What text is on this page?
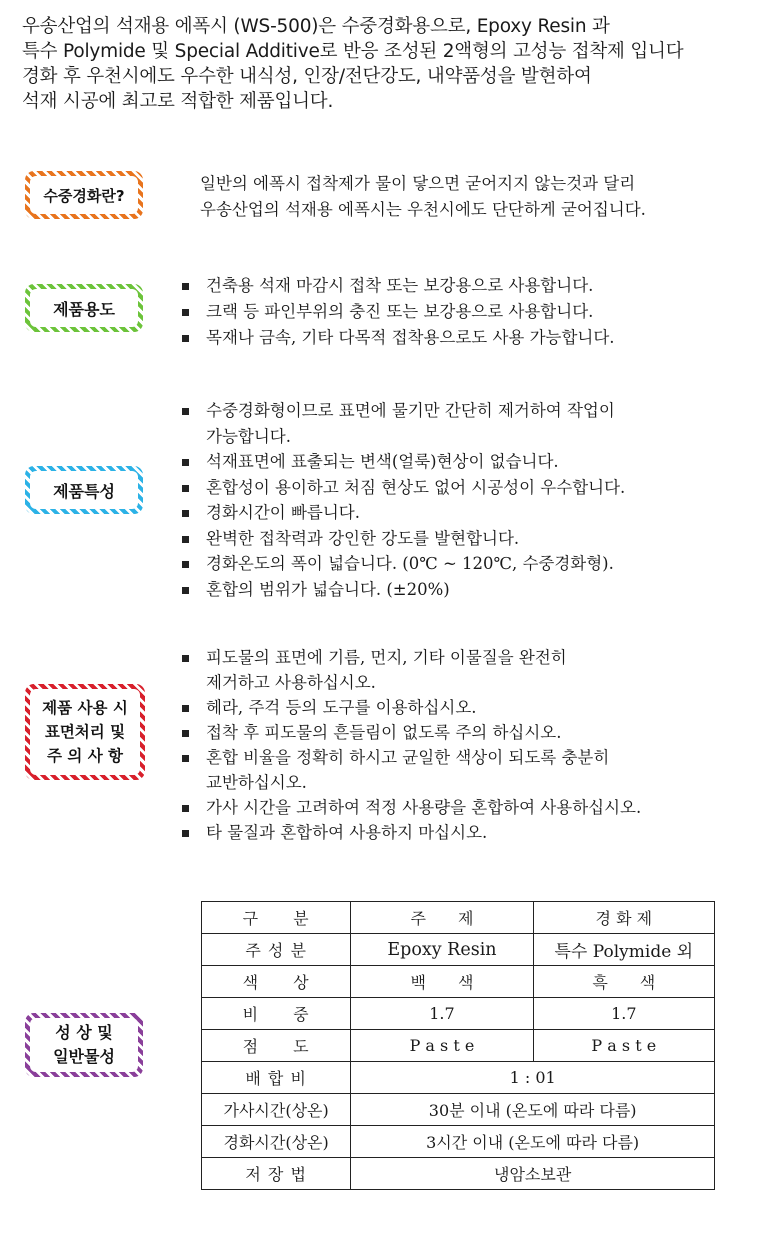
우송산업의 석재용 에폭시 (WS-500)은 수중경화용으로, Epoxy Resin 과
특수 Polymide 및 Special Additive로 반응 조성된 2액형의 고성능 접착제 입니다
경화 후 우천시에도 우수한 내식성, 인장/전단강도, 내약품성을 발현하여
석재 시공에 최고로 적합한 제품입니다.
수중경화란?
일반의 에폭시 접착제가 물이 닿으면 굳어지지 않는것과 달리
우송산업의 석재용 에폭시는 우천시에도 단단하게 굳어집니다.
제품용도
건축용 석재 마감시 접착 또는 보강용으로 사용합니다.
크랙 등 파인부위의 충진 또는 보강용으로 사용합니다.
목재나 금속, 기타 다목적 접착용으로도 사용 가능합니다.
제품특성
수중경화형이므로 표면에 물기만 간단히 제거하여 작업이
가능합니다.
석재표면에 표출되는 변색(얼룩)현상이 없습니다.
혼합성이 용이하고 처짐 현상도 없어 시공성이 우수합니다.
경화시간이 빠릅니다.
완벽한 접착력과 강인한 강도를 발현합니다.
경화온도의 폭이 넓습니다. (0℃ ~ 120℃, 수중경화형).
혼합의 범위가 넓습니다. (±20%)
제품 사용 시
표면처리 및
주 의 사 항
피도물의 표면에 기름, 먼지, 기타 이물질을 완전히
제거하고 사용하십시오.
헤라, 주걱 등의 도구를 이용하십시오.
접착 후 피도물의 흔들림이 없도록 주의 하십시오.
혼합 비율을 정확히 하시고 균일한 색상이 되도록 충분히
교반하십시오.
가사 시간을 고려하여 적정 사용량을 혼합하여 사용하십시오.
타 물질과 혼합하여 사용하지 마십시오.
성 상 및
일반물성
구　　분	주　　제	경 화 제
주 성 분	Epoxy Resin	특수 Polymide 외
색　　상	백　　색	흑　　색
비　　중	1.7	1.7
점　　도	P a s t e	P a s t e
배 합 비	1 : 01	
가사시간(상온)	30분 이내 (온도에 따라 다름)	
경화시간(상온)	3시간 이내 (온도에 따라 다름)	
저 장 법	냉암소보관	
